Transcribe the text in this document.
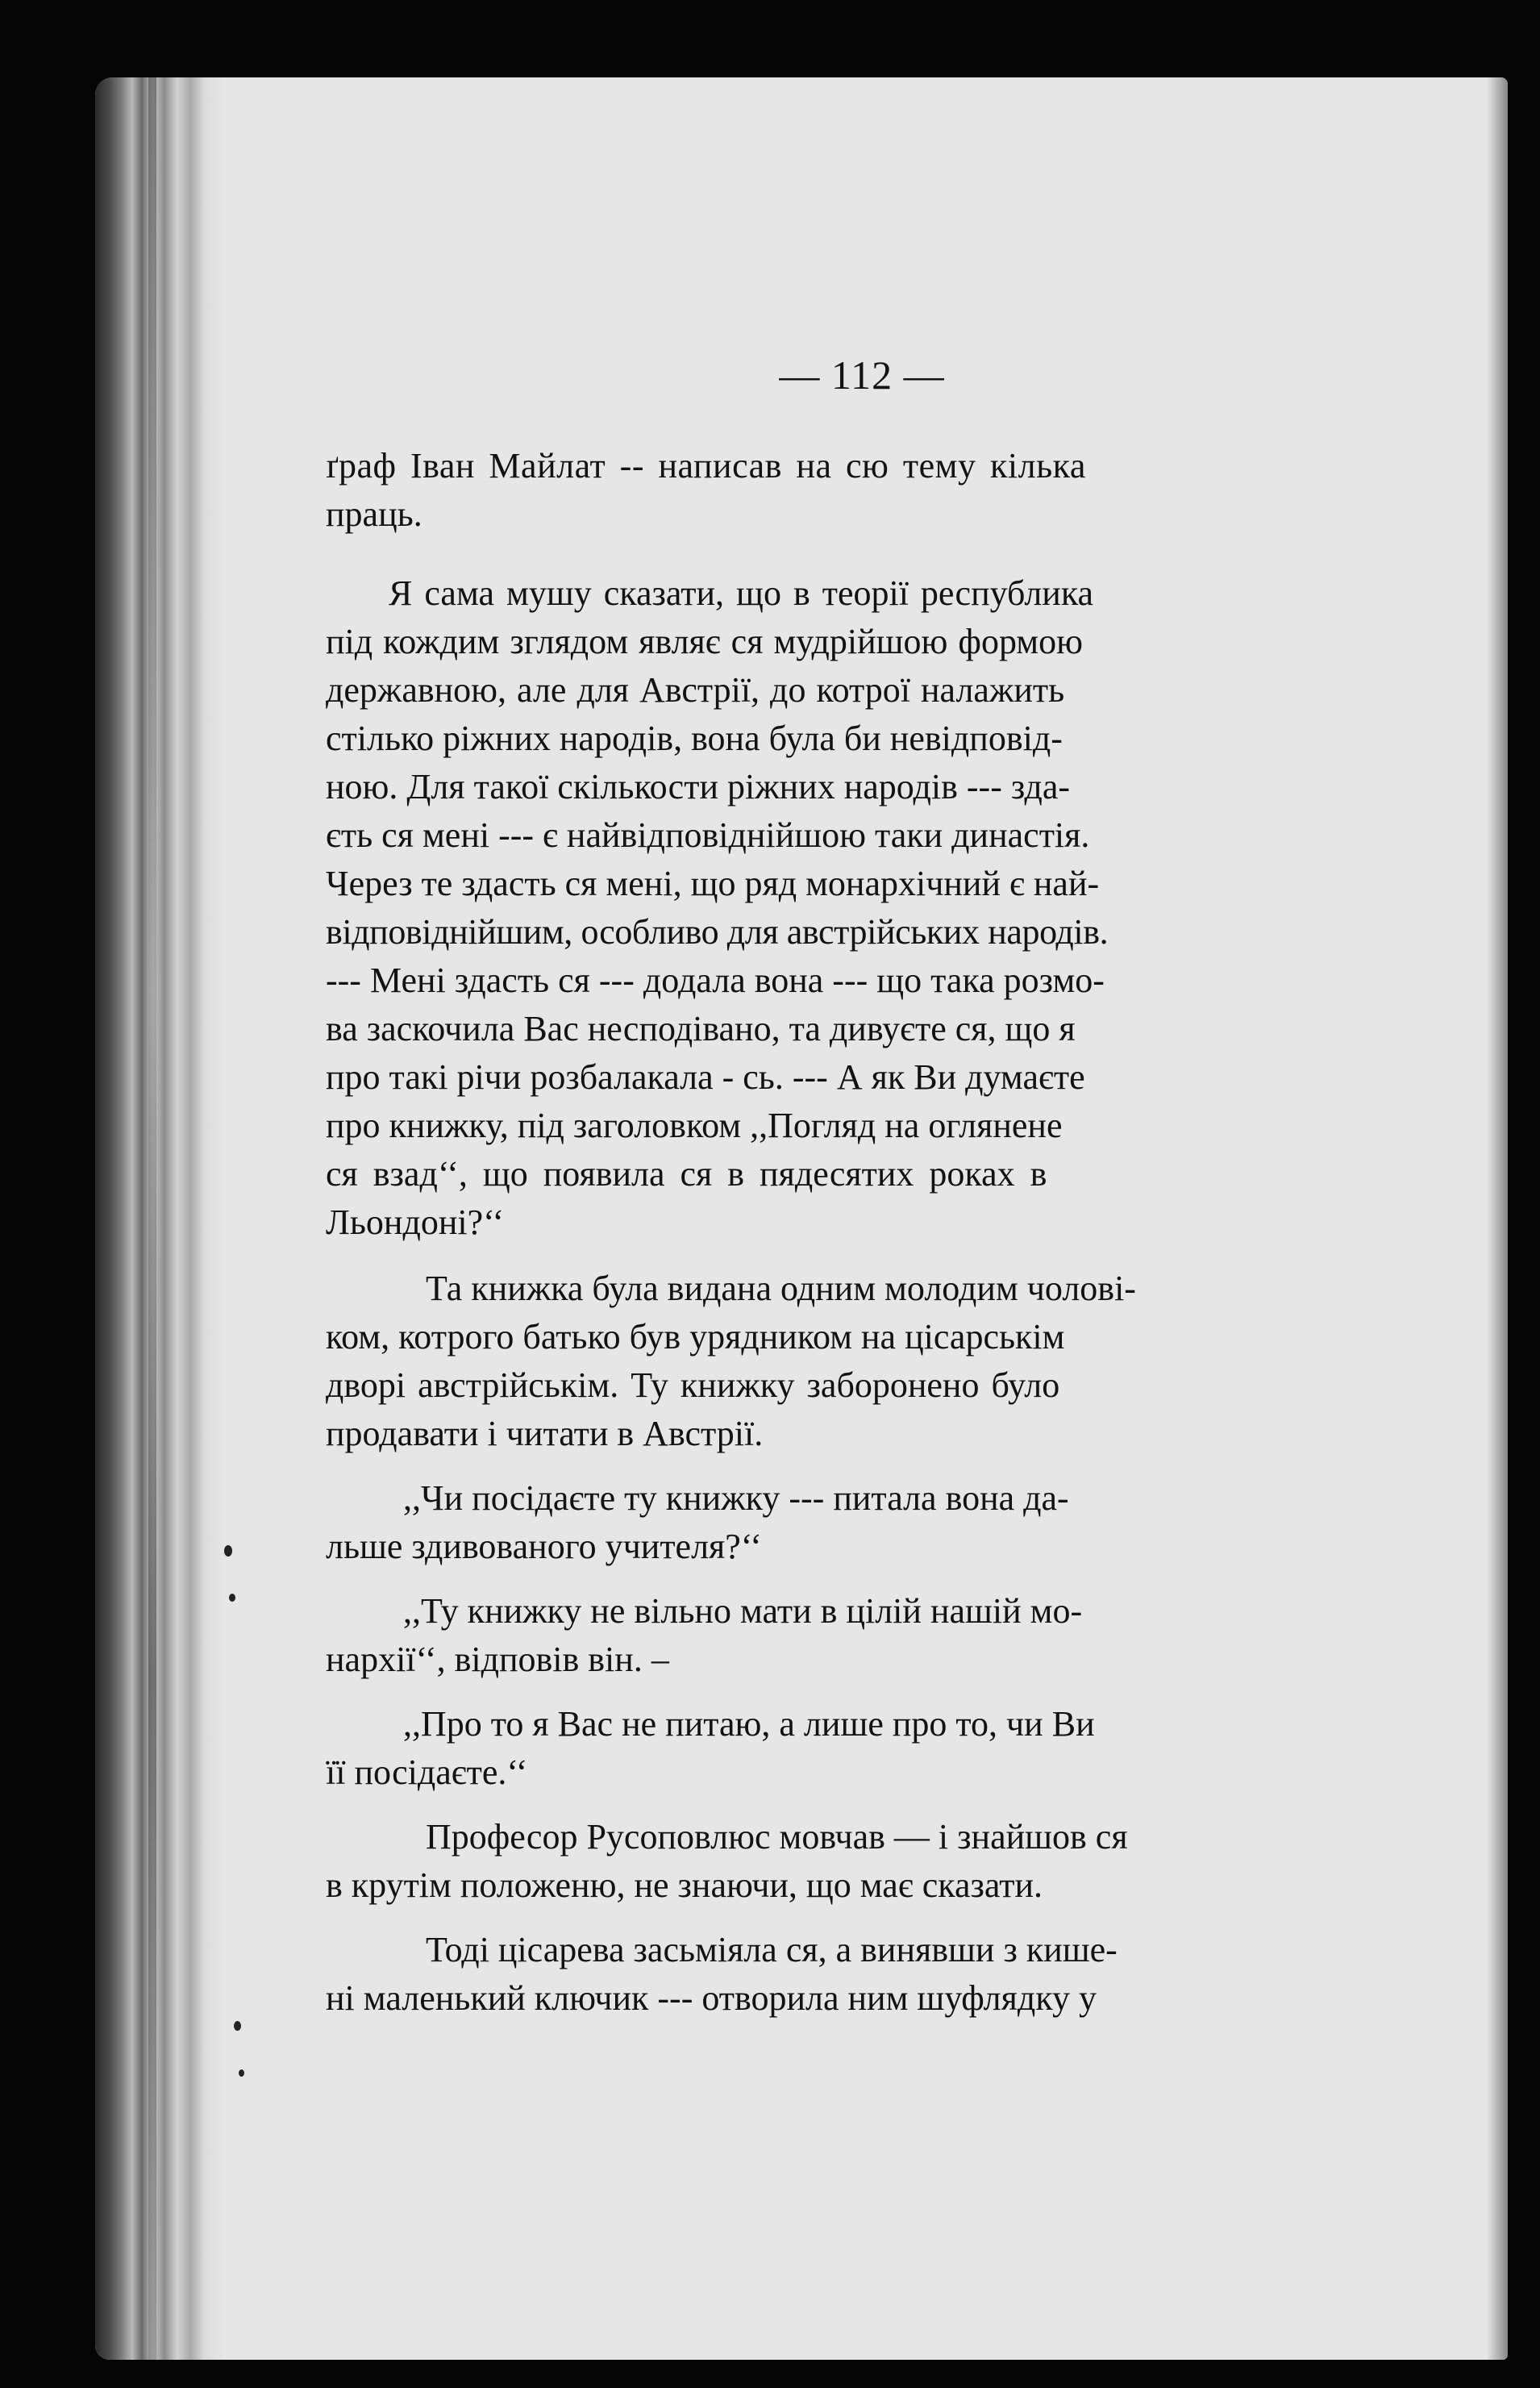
— 112 —
ґраф Іван Майлат -- написав на сю тему кілька
праць.
Я сама мушу сказати, що в теорії республика
під кождим зглядом являє ся мудрійшою формою
державною, але для Австрії, до котрої налажить
стілько ріжних народів, вона була би невідповід-
ною. Для такої скількости ріжних народів --- зда-
єть ся мені --- є найвідповіднійшою таки династія.
Через те здасть ся мені, що ряд монархічний є най-
відповіднійшим, особливо для австрійських народів.
--- Мені здасть ся --- додала вона --- що така розмо-
ва заскочила Вас несподівано, та дивуєте ся, що я
про такі річи розбалакала - сь. --- А як Ви думаєте
про книжку, під заголовком ,,Погляд на оглянене
ся взад‘‘, що появила ся в пядесятих роках в
Льондоні?‘‘
Та книжка була видана одним молодим чолові-
ком, котрого батько був урядником на цісарськім
дворі австрійськім. Ту книжку заборонено було
продавати і читати в Австрії.
,,Чи посідаєте ту книжку --- питала вона да-
льше здивованого учителя?‘‘
,,Ту книжку не вільно мати в цілій нашій мо-
нархії‘‘, відповів він. –
,,Про то я Вас не питаю, а лише про то, чи Ви
її посідаєте.‘‘
Професор Русоповлюс мовчав — і знайшов ся
в крутім положеню, не знаючи, що має сказати.
Тоді цісарева засьміяла ся, а винявши з кише-
ні маленький ключик --- отворила ним шуфлядку у
